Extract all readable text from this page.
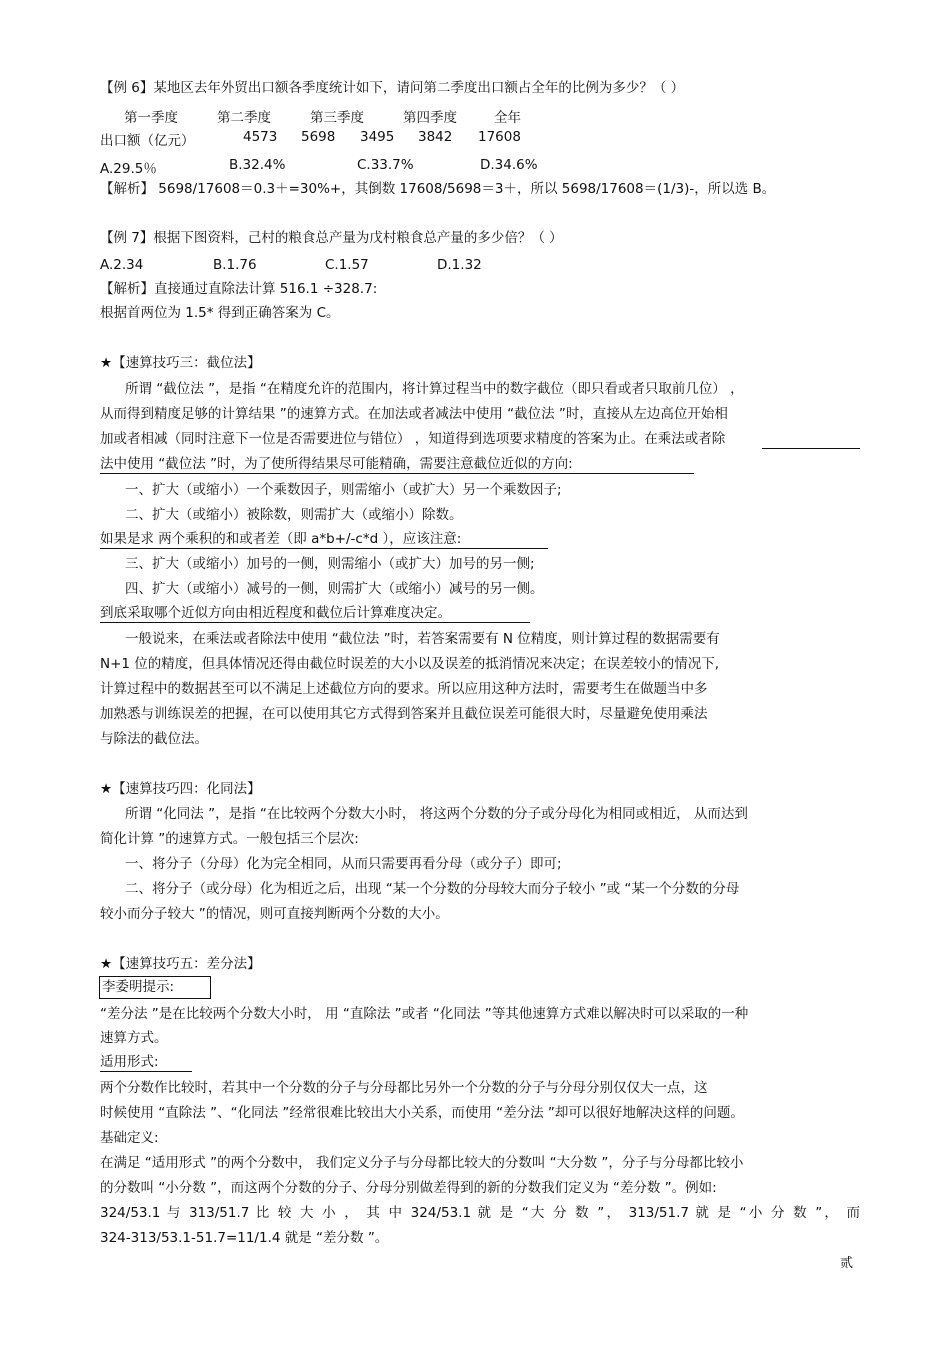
【例 6】某地区去年外贸出口额各季度统计如下，请问第二季度出口额占全年的比例为多少？（ ）
第一季度	第二季度	第三季度	第四季度	全年
出口额（亿元）	4573 5698 3495 3842 17608
A.29.5％	B.32.4%	C.33.7%	D.34.6%
【解析】 5698/17608＝0.3＋=30%+，其倒数 17608/5698＝3＋，所以 5698/17608＝(1/3)-，所以选 B。
【例 7】根据下图资料，己村的粮食总产量为戊村粮食总产量的多少倍？（ ）
A.2.34	B.1.76	C.1.57	D.1.32
【解析】直接通过直除法计算 516.1 ÷328.7:
根据首两位为 1.5* 得到正确答案为 C。
★【速算技巧三：截位法】
所谓 “截位法 ”，是指 “在精度允许的范围内，将计算过程当中的数字截位（即只看或者只取前几位） ，
从而得到精度足够的计算结果 ”的速算方式。在加法或者减法中使用 “截位法 ”时，直接从左边高位开始相
加或者相减（同时注意下一位是否需要进位与错位） ，知道得到选项要求精度的答案为止。在乘法或者除
法中使用 “截位法 ”时，为了使所得结果尽可能精确，需要注意截位近似的方向:
一、扩大（或缩小）一个乘数因子，则需缩小（或扩大）另一个乘数因子;
二、扩大（或缩小）被除数，则需扩大（或缩小）除数。
如果是求 两个乘积的和或者差（即 a*b+/-c*d ），应该注意:
三、扩大（或缩小）加号的一侧，则需缩小（或扩大）加号的另一侧;
四、扩大（或缩小）减号的一侧，则需扩大（或缩小）减号的另一侧。
到底采取哪个近似方向由相近程度和截位后计算难度决定。
一般说来，在乘法或者除法中使用 “截位法 ”时，若答案需要有 N 位精度，则计算过程的数据需要有
N+1 位的精度，但具体情况还得由截位时误差的大小以及误差的抵消情况来决定；在误差较小的情况下,
计算过程中的数据甚至可以不满足上述截位方向的要求。所以应用这种方法时，需要考生在做题当中多
加熟悉与训练误差的把握，在可以使用其它方式得到答案并且截位误差可能很大时，尽量避免使用乘法
与除法的截位法。
★【速算技巧四：化同法】
所谓 “化同法 ”，是指 “在比较两个分数大小时， 将这两个分数的分子或分母化为相同或相近， 从而达到
简化计算 ”的速算方式。一般包括三个层次:
一、将分子（分母）化为完全相同，从而只需要再看分母（或分子）即可;
二、将分子（或分母）化为相近之后，出现 “某一个分数的分母较大而分子较小 ”或 “某一个分数的分母
较小而分子较大 ”的情况，则可直接判断两个分数的大小。
★【速算技巧五：差分法】
李委明提示:
“差分法 ”是在比较两个分数大小时， 用 “直除法 ”或者 “化同法 ”等其他速算方式难以解决时可以采取的一种
速算方式。
适用形式:
两个分数作比较时，若其中一个分数的分子与分母都比另外一个分数的分子与分母分别仅仅大一点，这
时候使用 “直除法 ”、“化同法 ”经常很难比较出大小关系，而使用 “差分法 ”却可以很好地解决这样的问题。
基础定义:
在满足 “适用形式 ”的两个分数中， 我们定义分子与分母都比较大的分数叫 “大分数 ”，分子与分母都比较小
的分数叫 “小分数 ”，而这两个分数的分子、分母分别做差得到的新的分数我们定义为 “差分数 ”。例如:
324/53.1 与 313/51.7 比 较 大 小 ， 其 中 324/53.1 就 是 “大 分 数 ”， 313/51.7 就 是 “小 分 数 ”， 而
324-313/53.1-51.7=11/1.4 就是 “差分数 ”。
贰
